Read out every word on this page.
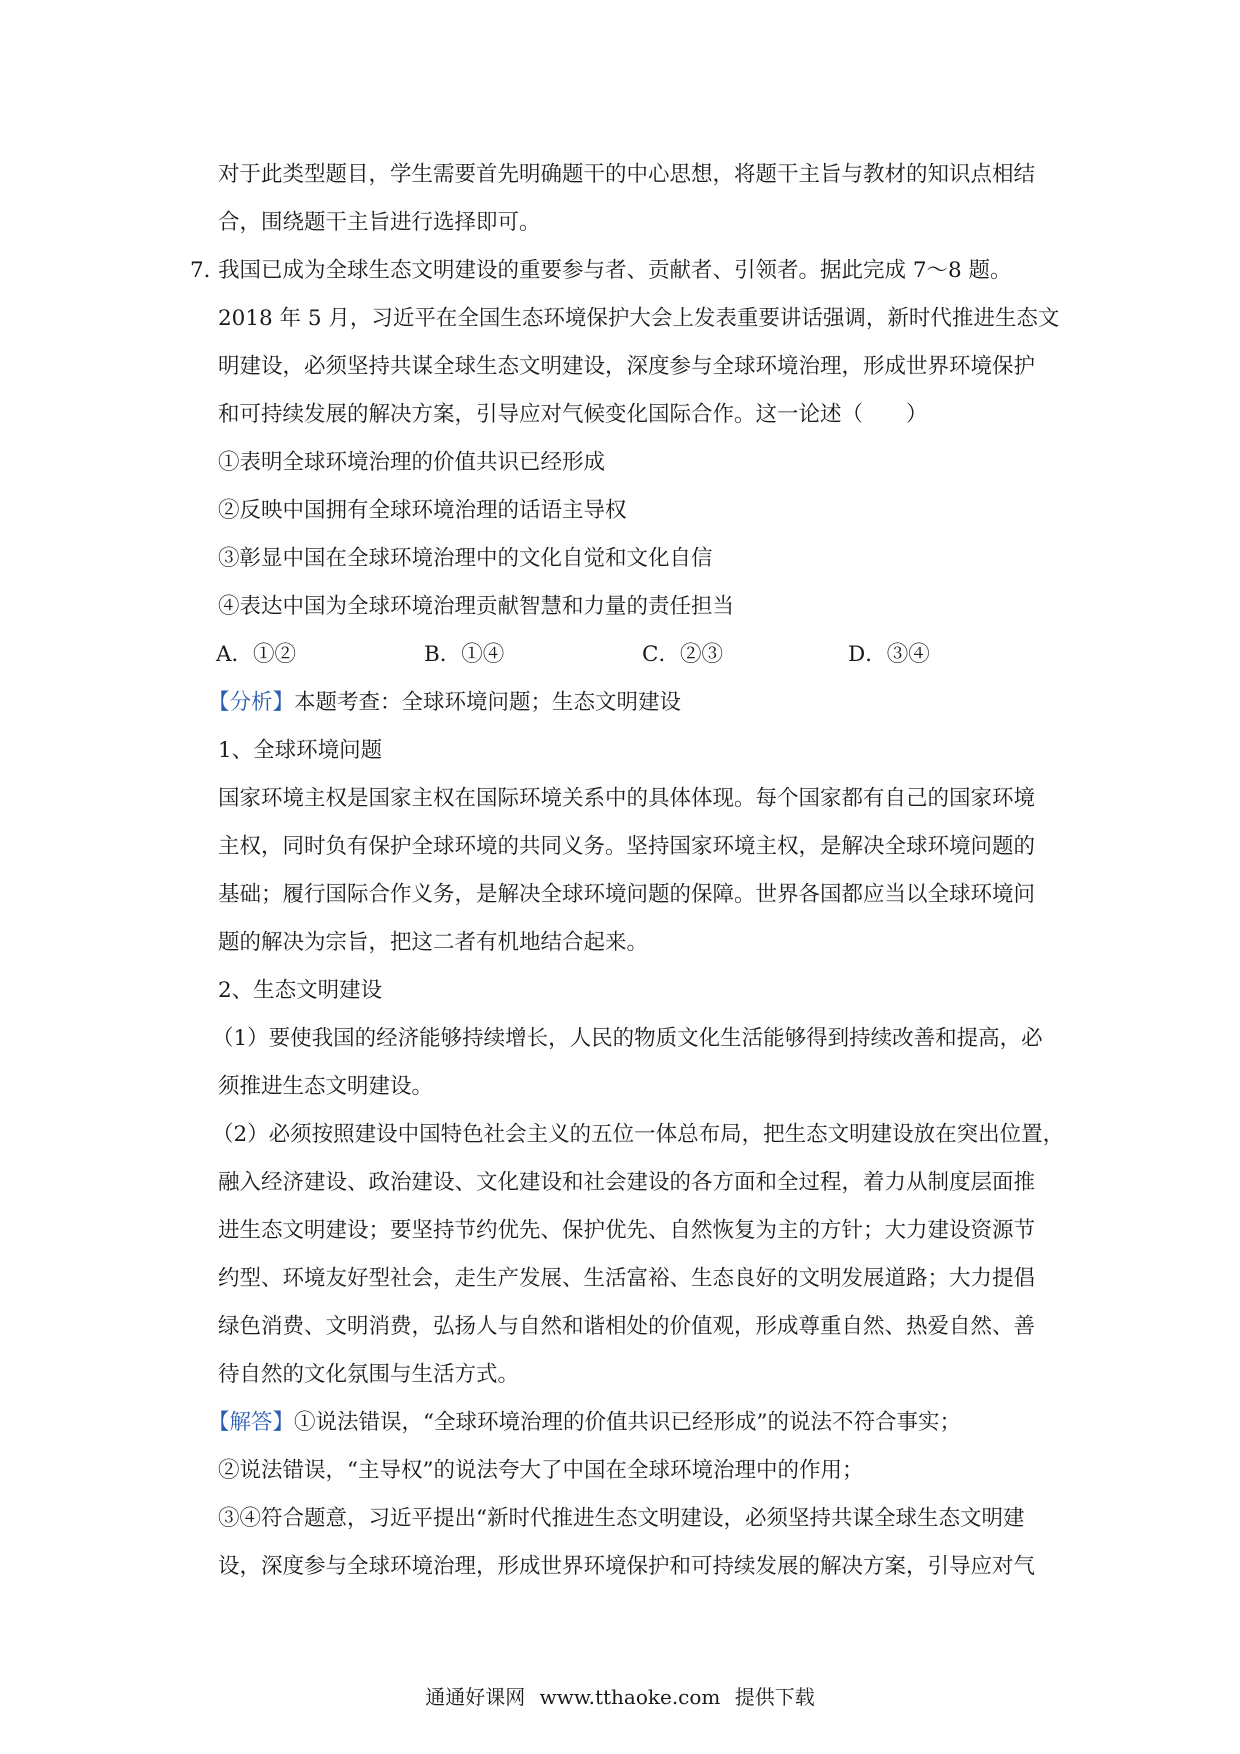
对于此类型题目，学生需要首先明确题干的中心思想，将题干主旨与教材的知识点相结
合，围绕题干主旨进行选择即可。
7．
我国已成为全球生态文明建设的重要参与者、贡献者、引领者。据此完成 7～8 题。
2018 年 5 月，习近平在全国生态环境保护大会上发表重要讲话强调，新时代推进生态文
明建设，必须坚持共谋全球生态文明建设，深度参与全球环境治理，形成世界环境保护
和可持续发展的解决方案，引导应对气候变化国际合作。这一论述（　　）
①表明全球环境治理的价值共识已经形成
②反映中国拥有全球环境治理的话语主导权
③彰显中国在全球环境治理中的文化自觉和文化自信
④表达中国为全球环境治理贡献智慧和力量的责任担当
A．①②	B．①④	C．②③	D．③④
【分析】本题考查：全球环境问题；生态文明建设
1、全球环境问题
国家环境主权是国家主权在国际环境关系中的具体体现。每个国家都有自己的国家环境
主权，同时负有保护全球环境的共同义务。坚持国家环境主权，是解决全球环境问题的
基础；履行国际合作义务，是解决全球环境问题的保障。世界各国都应当以全球环境问
题的解决为宗旨，把这二者有机地结合起来。
2、生态文明建设
（1）要使我国的经济能够持续增长，人民的物质文化生活能够得到持续改善和提高，必
须推进生态文明建设。
（2）必须按照建设中国特色社会主义的五位一体总布局，把生态文明建设放在突出位置，
融入经济建设、政治建设、文化建设和社会建设的各方面和全过程，着力从制度层面推
进生态文明建设；要坚持节约优先、保护优先、自然恢复为主的方针；大力建设资源节
约型、环境友好型社会，走生产发展、生活富裕、生态良好的文明发展道路；大力提倡
绿色消费、文明消费，弘扬人与自然和谐相处的价值观，形成尊重自然、热爱自然、善
待自然的文化氛围与生活方式。
【解答】①说法错误，“全球环境治理的价值共识已经形成”的说法不符合事实；
②说法错误，“主导权”的说法夸大了中国在全球环境治理中的作用；
③④符合题意，习近平提出“新时代推进生态文明建设，必须坚持共谋全球生态文明建
设，深度参与全球环境治理，形成世界环境保护和可持续发展的解决方案，引导应对气
通通好课网 www.tthaoke.com 提供下载
